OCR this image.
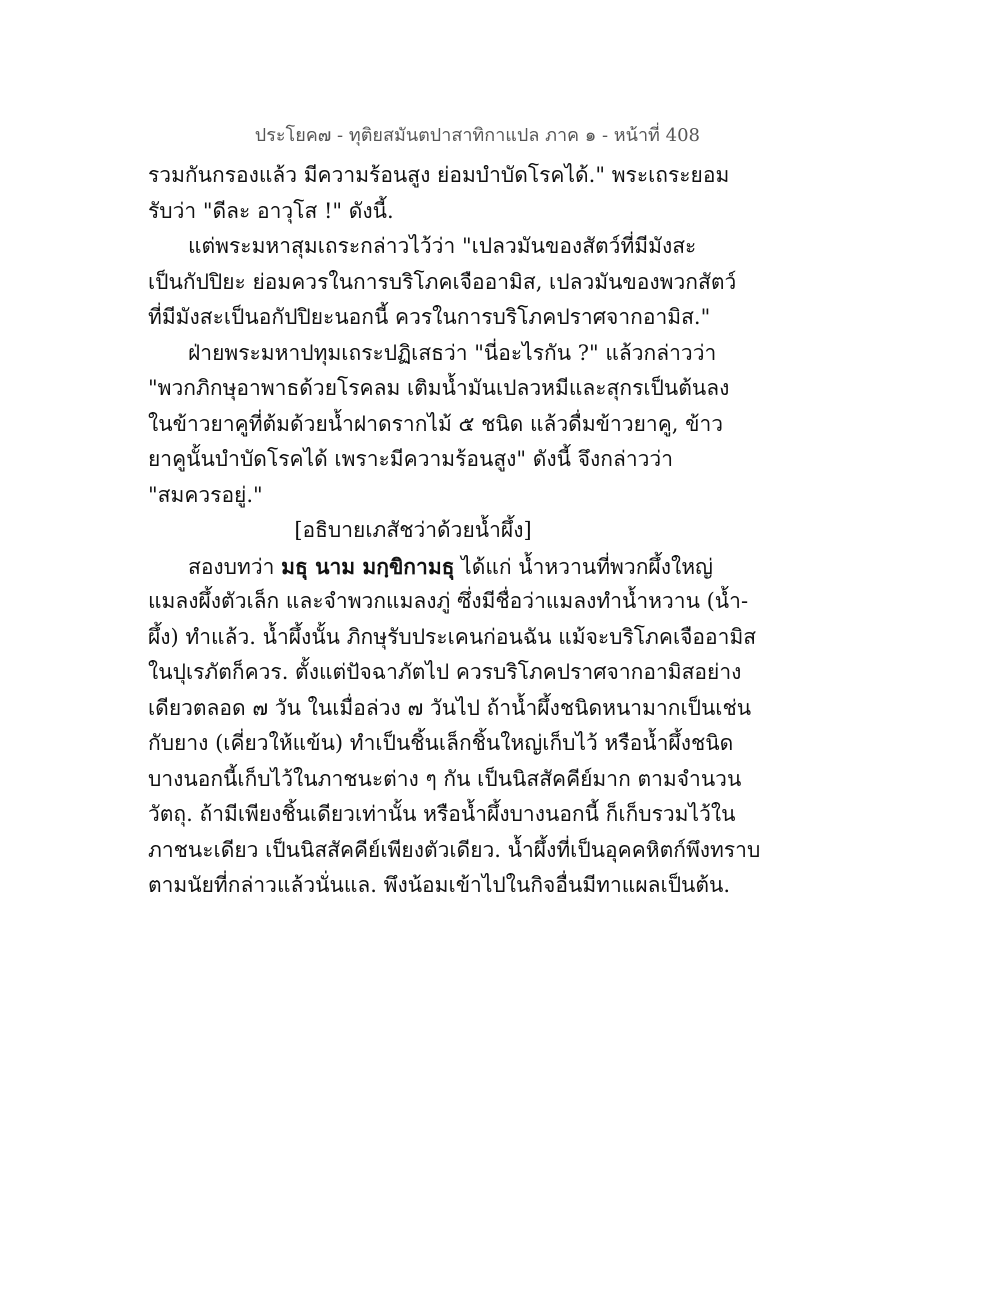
ประโยค๗ - ทุติยสมันตปาสาทิกาแปล ภาค ๑ - หน้าที่ 408
รวมกันกรองแล้ว มีความร้อนสูง ย่อมบำบัดโรคได้." พระเถระยอม
รับว่า "ดีละ อาวุโส !" ดังนี้.
แต่พระมหาสุมเถระกล่าวไว้ว่า "เปลวมันของสัตว์ที่มีมังสะ
เป็นกัปปิยะ ย่อมควรในการบริโภคเจืออามิส, เปลวมันของพวกสัตว์
ที่มีมังสะเป็นอกัปปิยะนอกนี้ ควรในการบริโภคปราศจากอามิส."
ฝ่ายพระมหาปทุมเถระปฏิเสธว่า "นี่อะไรกัน ?" แล้วกล่าวว่า
"พวกภิกษุอาพาธด้วยโรคลม เติมน้ำมันเปลวหมีและสุกรเป็นต้นลง
ในข้าวยาคูที่ต้มด้วยน้ำฝาดรากไม้ ๕ ชนิด แล้วดื่มข้าวยาคู, ข้าว
ยาคูนั้นบำบัดโรคได้ เพราะมีความร้อนสูง" ดังนี้ จึงกล่าวว่า
"สมควรอยู่."
[อธิบายเภสัชว่าด้วยน้ำผึ้ง]
สองบทว่า มธุ นาม มกฺขิกามธุ ได้แก่ น้ำหวานที่พวกผึ้งใหญ่
แมลงผึ้งตัวเล็ก และจำพวกแมลงภู่ ซึ่งมีชื่อว่าแมลงทำน้ำหวาน (น้ำ-
ผึ้ง) ทำแล้ว. น้ำผึ้งนั้น ภิกษุรับประเคนก่อนฉัน แม้จะบริโภคเจืออามิส
ในปุเรภัตก็ควร. ตั้งแต่ปัจฉาภัตไป ควรบริโภคปราศจากอามิสอย่าง
เดียวตลอด ๗ วัน ในเมื่อล่วง ๗ วันไป ถ้าน้ำผึ้งชนิดหนามากเป็นเช่น
กับยาง (เคี่ยวให้แข้น) ทำเป็นชิ้นเล็กชิ้นใหญ่เก็บไว้ หรือน้ำผึ้งชนิด
บางนอกนี้เก็บไว้ในภาชนะต่าง ๆ กัน เป็นนิสสัคคีย์มาก ตามจำนวน
วัตถุ. ถ้ามีเพียงชิ้นเดียวเท่านั้น หรือน้ำผึ้งบางนอกนี้ ก็เก็บรวมไว้ใน
ภาชนะเดียว เป็นนิสสัคคีย์เพียงตัวเดียว. น้ำผึ้งที่เป็นอุคคหิตก์พึงทราบ
ตามนัยที่กล่าวแล้วนั่นแล. พึงน้อมเข้าไปในกิจอื่นมีทาแผลเป็นต้น.
